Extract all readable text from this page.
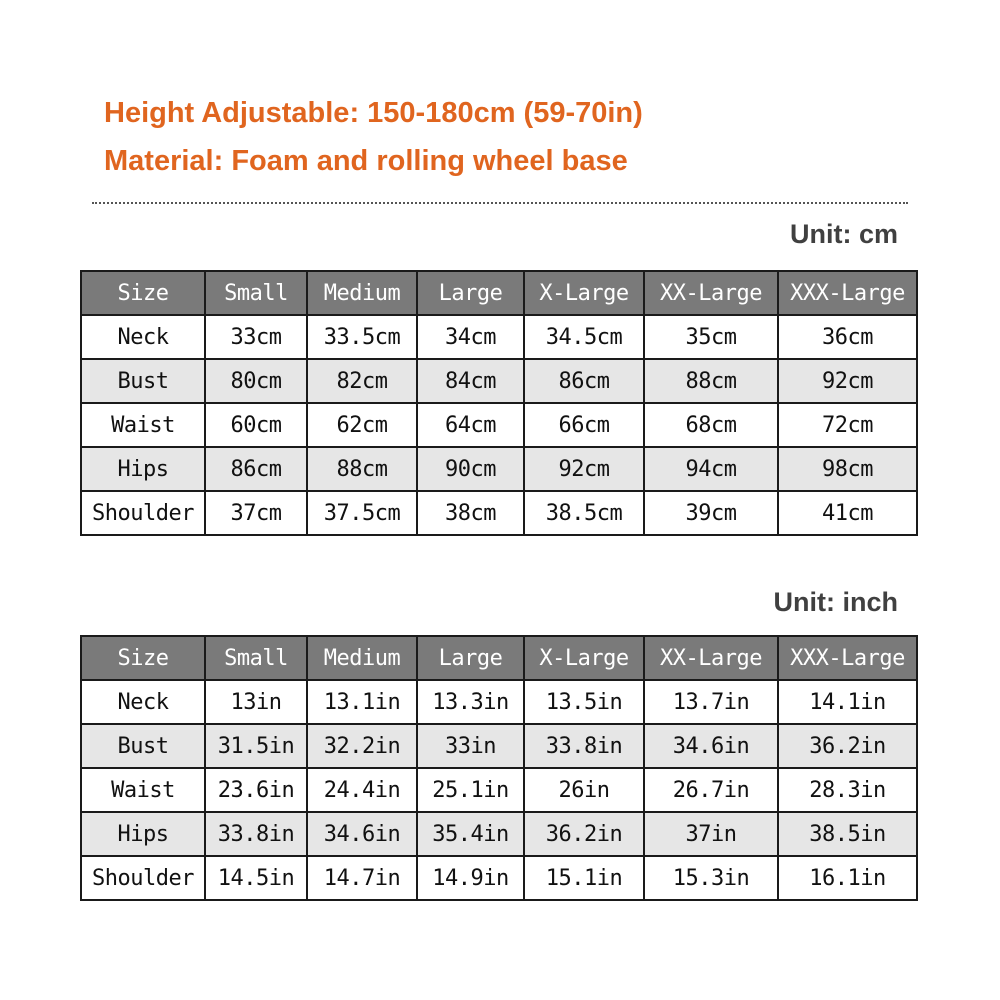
Height Adjustable: 150-180cm (59-70in)
Material: Foam and rolling wheel base
Unit: cm
Size	Small	Medium	Large	X-Large	XX-Large	XXX-Large
Neck	33cm	33.5cm	34cm	34.5cm	35cm	36cm
Bust	80cm	82cm	84cm	86cm	88cm	92cm
Waist	60cm	62cm	64cm	66cm	68cm	72cm
Hips	86cm	88cm	90cm	92cm	94cm	98cm
Shoulder	37cm	37.5cm	38cm	38.5cm	39cm	41cm
Unit: inch
Size	Small	Medium	Large	X-Large	XX-Large	XXX-Large
Neck	13in	13.1in	13.3in	13.5in	13.7in	14.1in
Bust	31.5in	32.2in	33in	33.8in	34.6in	36.2in
Waist	23.6in	24.4in	25.1in	26in	26.7in	28.3in
Hips	33.8in	34.6in	35.4in	36.2in	37in	38.5in
Shoulder	14.5in	14.7in	14.9in	15.1in	15.3in	16.1in
